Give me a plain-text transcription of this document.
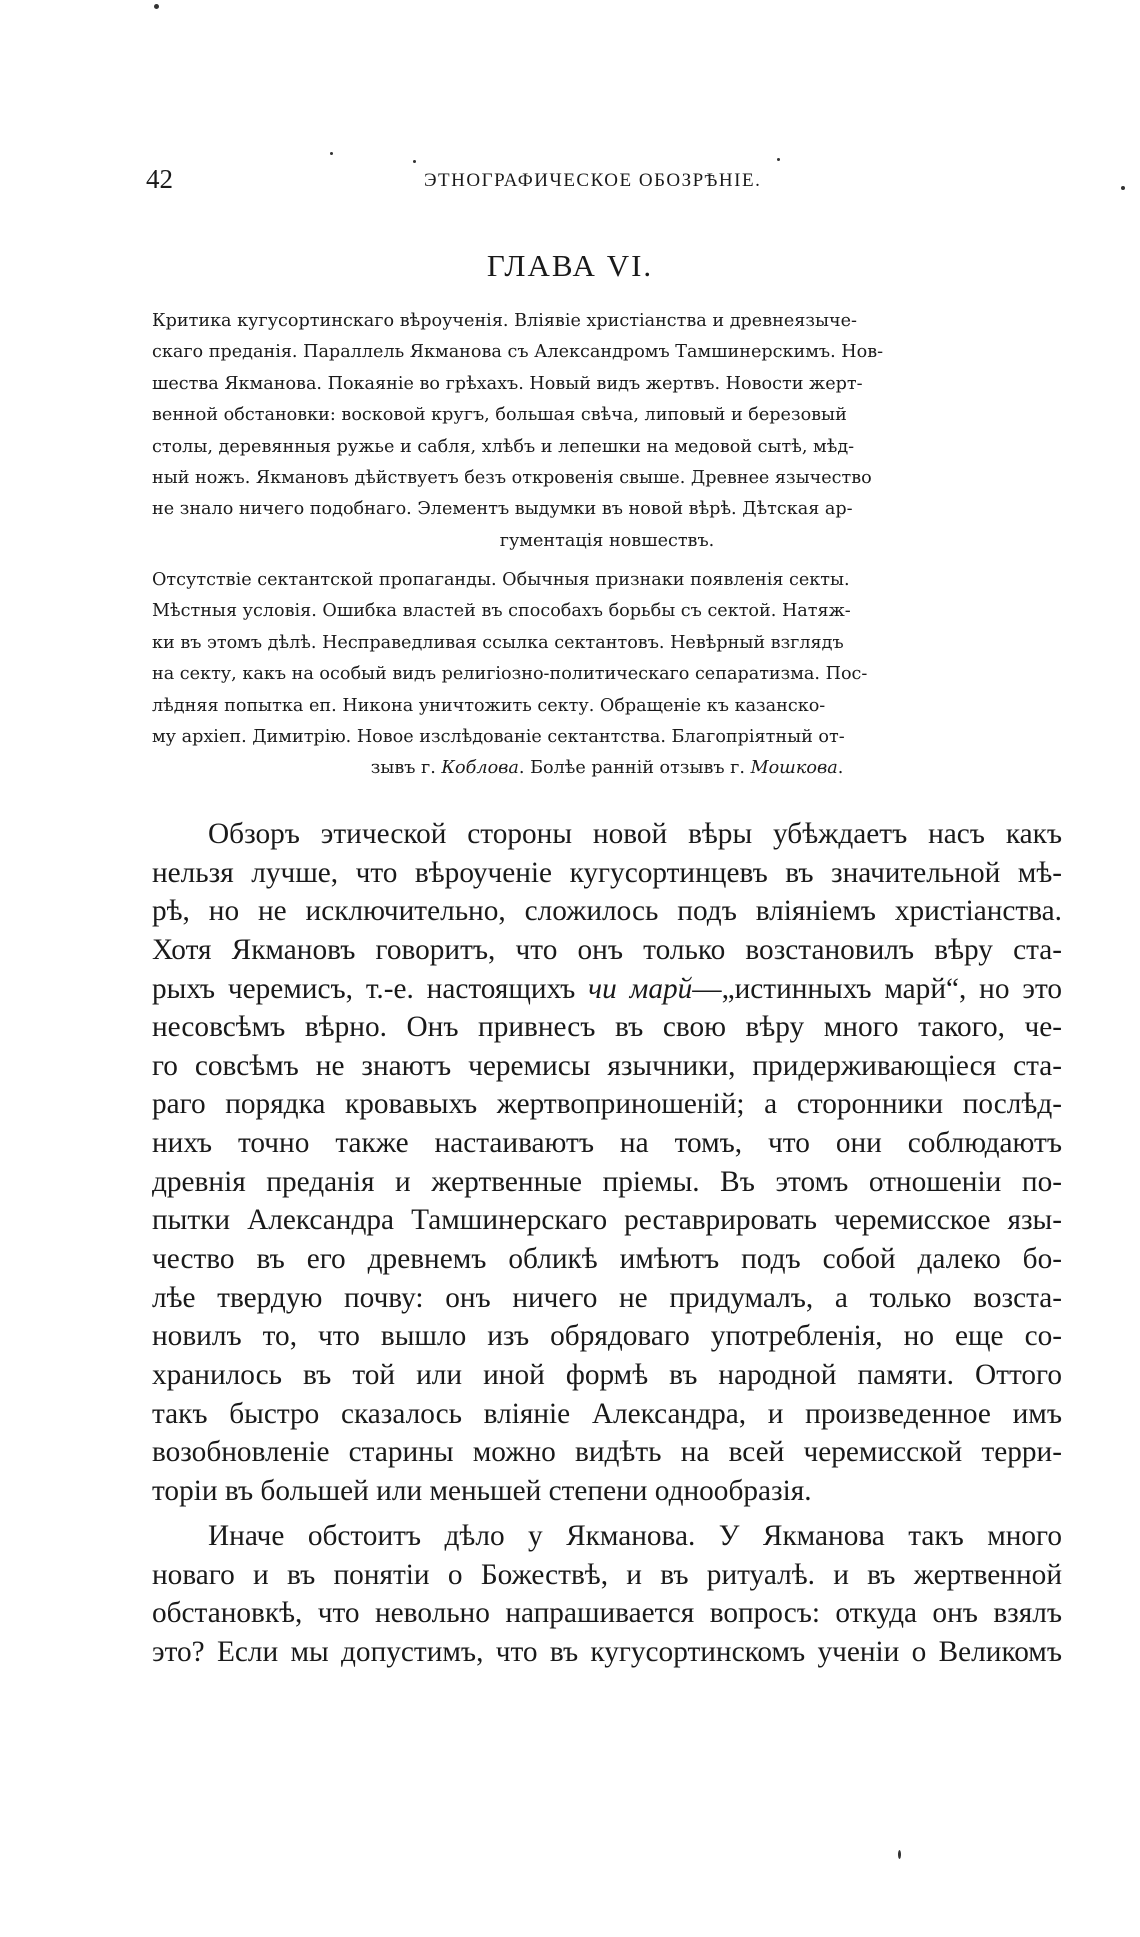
42	ЭТНОГРАФИЧЕСКОЕ ОБОЗРѢНІЕ.
ГЛАВА VI.
Критика кугусортинскаго вѣроученія. Вліявіе христіанства и древнеязыче-
скаго преданія. Параллель Якманова съ Александромъ Тамшинерскимъ. Нов-
шества Якманова. Покаяніе во грѣхахъ. Новый видъ жертвъ. Новости жерт-
венной обстановки: восковой кругъ, большая свѣча, липовый и березовый
столы, деревянныя ружье и сабля, хлѣбъ и лепешки на медовой сытѣ, мѣд-
ный ножъ. Якмановъ дѣйствуетъ безъ откровенія свыше. Древнее язычество
не знало ничего подобнаго. Элементъ выдумки въ новой вѣрѣ. Дѣтская ар-
гументація новшествъ.
Отсутствіе сектантской пропаганды. Обычныя признаки появленія секты.
Мѣстныя условія. Ошибка властей въ способахъ борьбы съ сектой. Натяж-
ки въ этомъ дѣлѣ. Несправедливая ссылка сектантовъ. Невѣрный взглядъ
на секту, какъ на особый видъ религіозно-политическаго сепаратизма. Пос-
лѣдняя попытка еп. Никона уничтожить секту. Обращеніе къ казанско-
му архіеп. Димитрію. Новое изслѣдованіе сектантства. Благопріятный от-
зывъ г. Коблова. Болѣе ранній отзывъ г. Мошкова.
Обзоръ этической стороны новой вѣры убѣждаетъ насъ какъ
нельзя лучше, что вѣроученіе кугусортинцевъ въ значительной мѣ-
рѣ, но не исключительно, сложилось подъ вліяніемъ христіанства.
Хотя Якмановъ говоритъ, что онъ только возстановилъ вѣру ста-
рыхъ черемисъ, т.-е. настоящихъ чи марй—„истинныхъ марй“, но это
несовсѣмъ вѣрно. Онъ привнесъ въ свою вѣру много такого, че-
го совсѣмъ не знаютъ черемисы язычники, придерживающіеся ста-
раго порядка кровавыхъ жертвоприношеній; а сторонники послѣд-
нихъ точно также настаиваютъ на томъ, что они соблюдаютъ
древнія преданія и жертвенные пріемы. Въ этомъ отношеніи по-
пытки Александра Тамшинерскаго реставрировать черемисское язы-
чество въ его древнемъ обликѣ имѣютъ подъ собой далеко бо-
лѣе твердую почву: онъ ничего не придумалъ, а только возста-
новилъ то, что вышло изъ обрядоваго употребленія, но еще со-
хранилось въ той или иной формѣ въ народной памяти. Оттого
такъ быстро сказалось вліяніе Александра, и произведенное имъ
возобновленіе старины можно видѣть на всей черемисской терри-
торіи въ большей или меньшей степени однообразія.
Иначе обстоитъ дѣло у Якманова. У Якманова такъ много
новаго и въ понятіи о Божествѣ, и въ ритуалѣ. и въ жертвенной
обстановкѣ, что невольно напрашивается вопросъ: откуда онъ взялъ
это? Если мы допустимъ, что въ кугусортинскомъ ученіи о Великомъ
